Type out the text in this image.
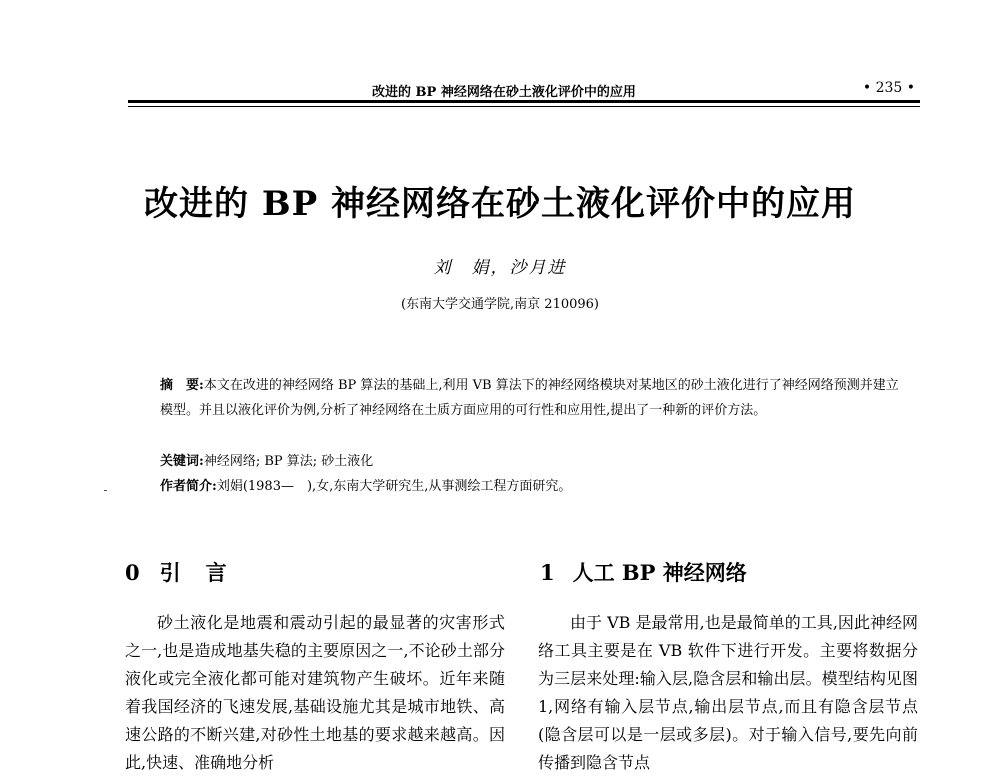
改进的 BP 神经网络在砂土液化评价中的应用	• 235 •
改进的 BP 神经网络在砂土液化评价中的应用
刘　娟，沙月进
(东南大学交通学院,南京 210096)

摘　要:本文在改进的神经网络 BP 算法的基础上,利用 VB 算法下的神经网络模块对某地区的砂土液化进行了神经网络预测并建立模型。并且以液化评价为例,分析了神经网络在土质方面应用的可行性和应用性,提出了一种新的评价方法。

关键词:神经网络; BP 算法; 砂土液化
作者简介:刘娟(1983—　),女,东南大学研究生,从事测绘工程方面研究。
0 引　言	1 人工 BP 神经网络

砂土液化是地震和震动引起的最显著的灾害形式之一,也是造成地基失稳的主要原因之一,不论砂土部分液化或完全液化都可能对建筑物产生破坏。近年来随着我国经济的飞速发展,基础设施尤其是城市地铁、高速公路的不断兴建,对砂性土地基的要求越来越高。因此,快速、准确地分析

由于 VB 是最常用,也是最简单的工具,因此神经网络工具主要是在 VB 软件下进行开发。主要将数据分为三层来处理:输入层,隐含层和输出层。模型结构见图 1,网络有输入层节点,输出层节点,而且有隐含层节点(隐含层可以是一层或多层)。对于输入信号,要先向前传播到隐含节点
